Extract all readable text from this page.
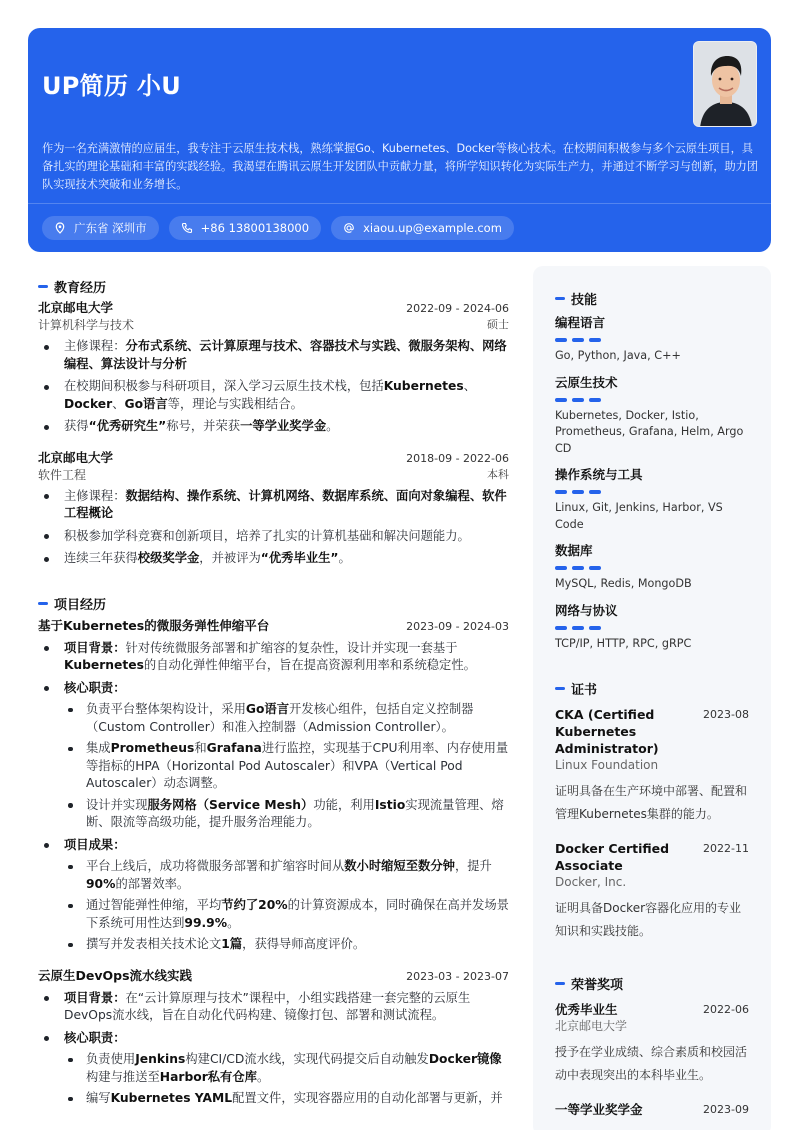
UP简历 小U
作为一名充满激情的应届生，我专注于云原生技术栈，熟练掌握Go、Kubernetes、Docker等核心技术。在校期间积极参与多个云原生项目，具备扎实的理论基础和丰富的实践经验。我渴望在腾讯云原生开发团队中贡献力量，将所学知识转化为实际生产力，并通过不断学习与创新，助力团队实现技术突破和业务增长。
广东省 深圳市	+86 13800138000	xiaou.up@example.com
教育经历
北京邮电大学	2022-09 - 2024-06
计算机科学与技术	硕士
主修课程：分布式系统、云计算原理与技术、容器技术与实践、微服务架构、网络编程、算法设计与分析
在校期间积极参与科研项目，深入学习云原生技术栈，包括Kubernetes、Docker、Go语言等，理论与实践相结合。
获得“优秀研究生”称号，并荣获一等学业奖学金。
北京邮电大学	2018-09 - 2022-06
软件工程	本科
主修课程：数据结构、操作系统、计算机网络、数据库系统、面向对象编程、软件工程概论
积极参加学科竞赛和创新项目，培养了扎实的计算机基础和解决问题能力。
连续三年获得校级奖学金，并被评为“优秀毕业生”。
项目经历
基于Kubernetes的微服务弹性伸缩平台	2023-09 - 2024-03
项目背景：针对传统微服务部署和扩缩容的复杂性，设计并实现一套基于Kubernetes的自动化弹性伸缩平台，旨在提高资源利用率和系统稳定性。
核心职责：
负责平台整体架构设计，采用Go语言开发核心组件，包括自定义控制器（Custom Controller）和准入控制器（Admission Controller）。
集成Prometheus和Grafana进行监控，实现基于CPU利用率、内存使用量等指标的HPA（Horizontal Pod Autoscaler）和VPA（Vertical Pod Autoscaler）动态调整。
设计并实现服务网格（Service Mesh）功能，利用Istio实现流量管理、熔断、限流等高级功能，提升服务治理能力。
项目成果：
平台上线后，成功将微服务部署和扩缩容时间从数小时缩短至数分钟，提升90%的部署效率。
通过智能弹性伸缩，平均节约了20%的计算资源成本，同时确保在高并发场景下系统可用性达到99.9%。
撰写并发表相关技术论文1篇，获得导师高度评价。
云原生DevOps流水线实践	2023-03 - 2023-07
项目背景：在“云计算原理与技术”课程中，小组实践搭建一套完整的云原生DevOps流水线，旨在自动化代码构建、镜像打包、部署和测试流程。
核心职责：
负责使用Jenkins构建CI/CD流水线，实现代码提交后自动触发Docker镜像构建与推送至Harbor私有仓库。
编写Kubernetes YAML配置文件，实现容器应用的自动化部署与更新，并
技能
编程语言
Go, Python, Java, C++
云原生技术
Kubernetes, Docker, Istio, Prometheus, Grafana, Helm, Argo CD
操作系统与工具
Linux, Git, Jenkins, Harbor, VS Code
数据库
MySQL, Redis, MongoDB
网络与协议
TCP/IP, HTTP, RPC, gRPC
证书
CKA (Certified Kubernetes Administrator)
2023-08
Linux Foundation
证明具备在生产环境中部署、配置和管理Kubernetes集群的能力。
Docker Certified Associate
2022-11
Docker, Inc.
证明具备Docker容器化应用的专业知识和实践技能。
荣誉奖项
优秀毕业生	2022-06
北京邮电大学
授予在学业成绩、综合素质和校园活动中表现突出的本科毕业生。
一等学业奖学金	2023-09
